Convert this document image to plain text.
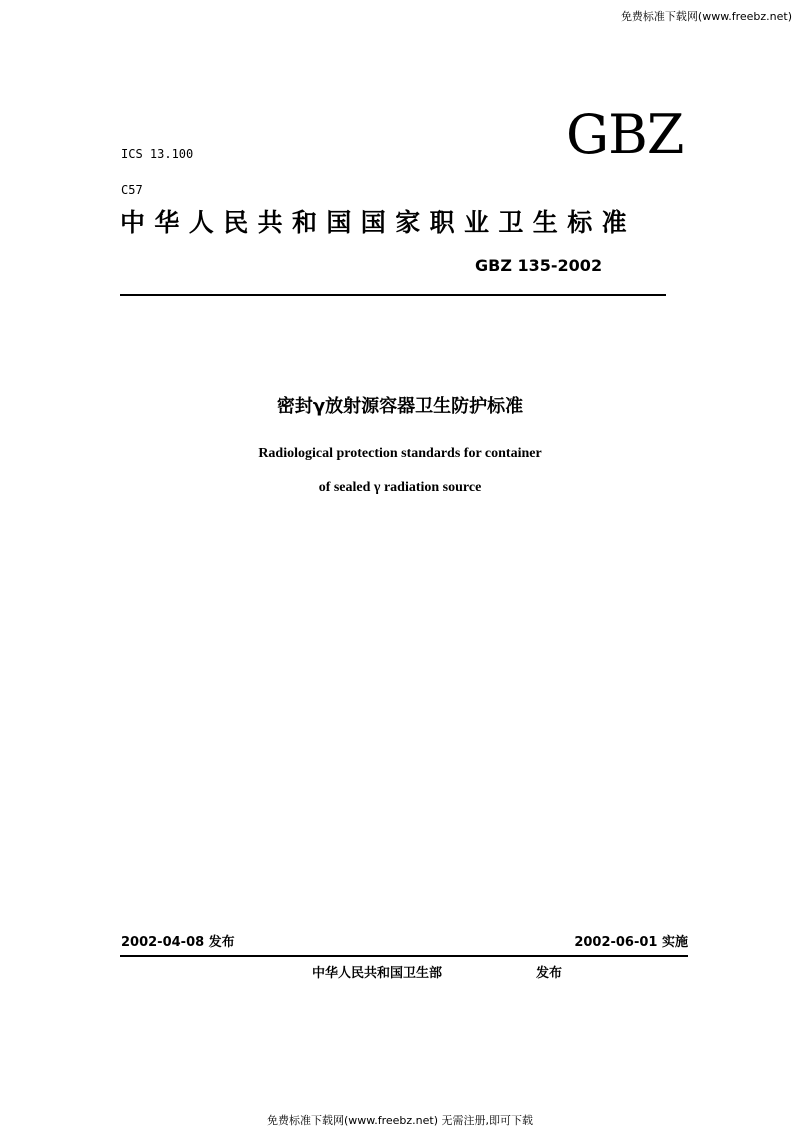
免费标准下载网(www.freebz.net)
ICS 13.100
C57
GBZ
中华人民共和国国家职业卫生标准
GBZ 135-2002
密封γ放射源容器卫生防护标准
Radiological protection standards for container
of sealed γ radiation source
2002-04-08 发布	2002-06-01 实施
中华人民共和国卫生部	发布
免费标准下载网(www.freebz.net) 无需注册,即可下载
